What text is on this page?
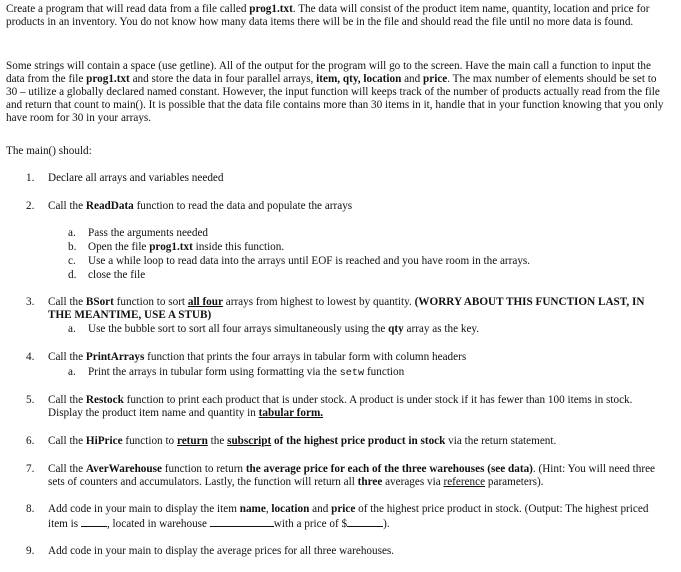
Create a program that will read data from a file called prog1.txt. The data will consist of the product item name, quantity, location and price for products in an inventory. You do not know how many data items there will be in the file and should read the file until no more data is found.

Some strings will contain a space (use getline). All of the output for the program will go to the screen. Have the main call a function to input the data from the file prog1.txt and store the data in four parallel arrays, item, qty, location and price. The max number of elements should be set to 30 – utilize a globally declared named constant. However, the input function will keeps track of the number of products actually read from the file and return that count to main(). It is possible that the data file contains more than 30 items in it, handle that in your function knowing that you only have room for 30 in your arrays.

The main() should:

1.	Declare all arrays and variables needed
2.	Call the ReadData function to read the data and populate the arrays
a.	Pass the arguments needed
b.	Open the file prog1.txt inside this function.
c.	Use a while loop to read data into the arrays until EOF is reached and you have room in the arrays.
d.	close the file
3.	Call the BSort function to sort all four arrays from highest to lowest by quantity. (WORRY ABOUT THIS FUNCTION LAST, IN THE MEANTIME, USE A STUB)
a.	Use the bubble sort to sort all four arrays simultaneously using the qty array as the key.
4.	Call the PrintArrays function that prints the four arrays in tabular form with column headers
a.	Print the arrays in tubular form using formatting via the setw function
5.	Call the Restock function to print each product that is under stock. A product is under stock if it has fewer than 100 items in stock. Display the product item name and quantity in tabular form.
6.	Call the HiPrice function to return the subscript of the highest price product in stock via the return statement.
7.	Call the AverWarehouse function to return the average price for each of the three warehouses (see data). (Hint: You will need three sets of counters and accumulators. Lastly, the function will return all three averages via reference parameters).
8.	Add code in your main to display the item name, location and price of the highest price product in stock. (Output: The highest priced item is , located in warehouse	with a price of $	).
9.	Add code in your main to display the average prices for all three warehouses.
